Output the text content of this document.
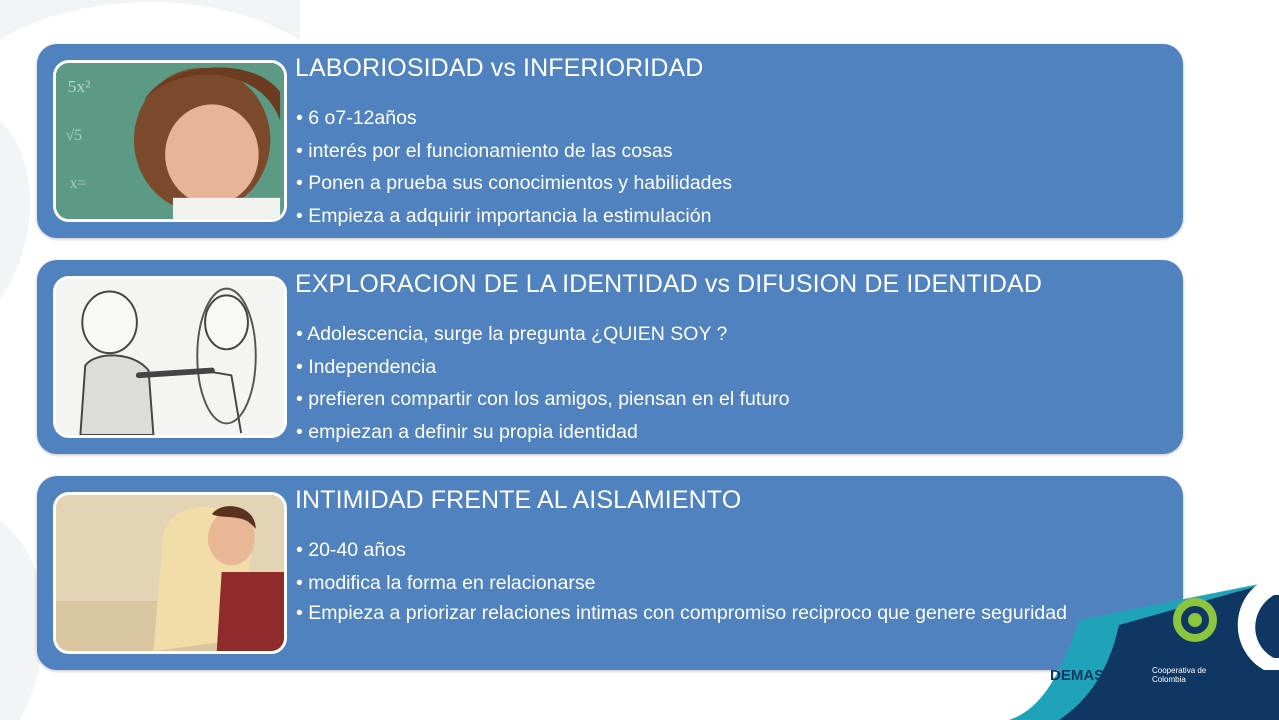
5x²
√5
x=
LABORIOSIDAD vs INFERIORIDAD
• 6 o7-12años
• interés por el funcionamiento de las cosas
• Ponen a prueba sus conocimientos y habilidades
• Empieza a adquirir importancia la estimulación
EXPLORACION DE LA IDENTIDAD vs DIFUSION DE IDENTIDAD
• Adolescencia, surge la pregunta ¿QUIEN SOY ?
• Independencia
• prefieren compartir con los amigos, piensan en el futuro
• empiezan a definir su propia identidad
INTIMIDAD FRENTE AL AISLAMIENTO
• 20-40 años
• modifica la forma en relacionarse
• Empieza a priorizar relaciones intimas con compromiso reciproco que genere seguridad
DEMAS	Cooperativa de Colombia
